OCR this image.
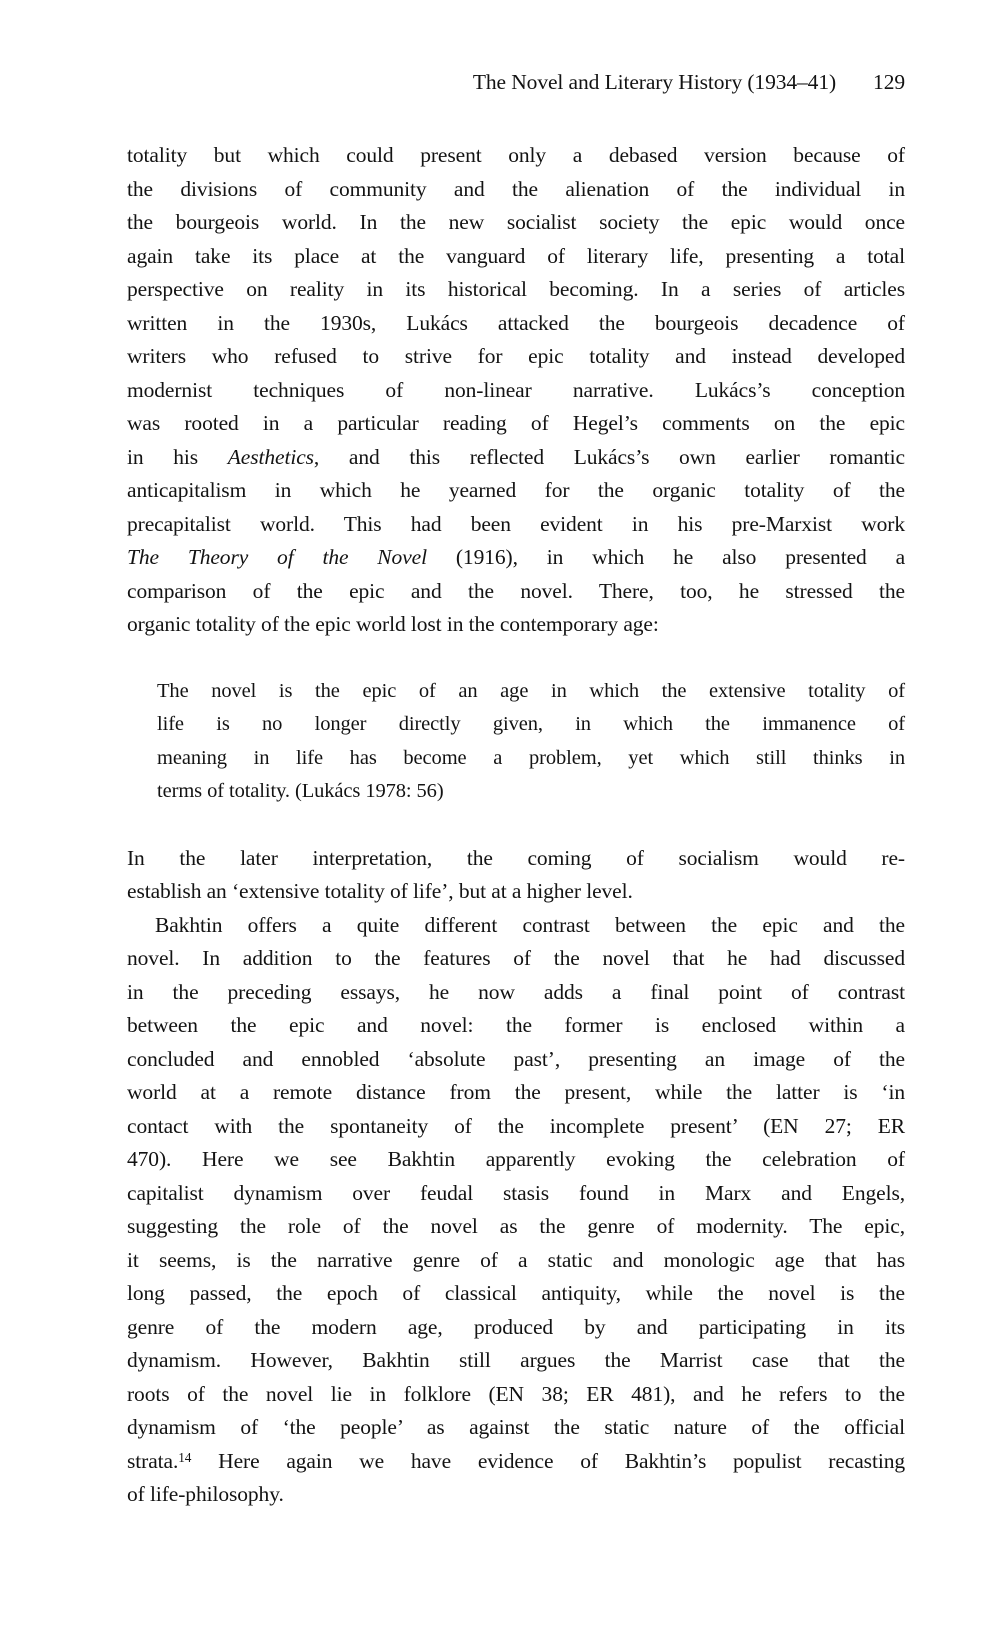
The Novel and Literary History (1934–41) 129
totality but which could present only a debased version because of
the divisions of community and the alienation of the individual in
the bourgeois world. In the new socialist society the epic would once
again take its place at the vanguard of literary life, presenting a total
perspective on reality in its historical becoming. In a series of articles
written in the 1930s, Lukács attacked the bourgeois decadence of
writers who refused to strive for epic totality and instead developed
modernist techniques of non-linear narrative. Lukács’s conception
was rooted in a particular reading of Hegel’s comments on the epic
in his Aesthetics, and this reflected Lukács’s own earlier romantic
anticapitalism in which he yearned for the organic totality of the
precapitalist world. This had been evident in his pre-Marxist work
The Theory of the Novel (1916), in which he also presented a
comparison of the epic and the novel. There, too, he stressed the
organic totality of the epic world lost in the contemporary age:
The novel is the epic of an age in which the extensive totality of
life is no longer directly given, in which the immanence of
meaning in life has become a problem, yet which still thinks in
terms of totality. (Lukács 1978: 56)
In the later interpretation, the coming of socialism would re-
establish an ‘extensive totality of life’, but at a higher level.
Bakhtin offers a quite different contrast between the epic and the
novel. In addition to the features of the novel that he had discussed
in the preceding essays, he now adds a final point of contrast
between the epic and novel: the former is enclosed within a
concluded and ennobled ‘absolute past’, presenting an image of the
world at a remote distance from the present, while the latter is ‘in
contact with the spontaneity of the incomplete present’ (EN 27; ER
470). Here we see Bakhtin apparently evoking the celebration of
capitalist dynamism over feudal stasis found in Marx and Engels,
suggesting the role of the novel as the genre of modernity. The epic,
it seems, is the narrative genre of a static and monologic age that has
long passed, the epoch of classical antiquity, while the novel is the
genre of the modern age, produced by and participating in its
dynamism. However, Bakhtin still argues the Marrist case that the
roots of the novel lie in folklore (EN 38; ER 481), and he refers to the
dynamism of ‘the people’ as against the static nature of the official
strata.$^{14}$ Here again we have evidence of Bakhtin’s populist recasting
of life-philosophy.
